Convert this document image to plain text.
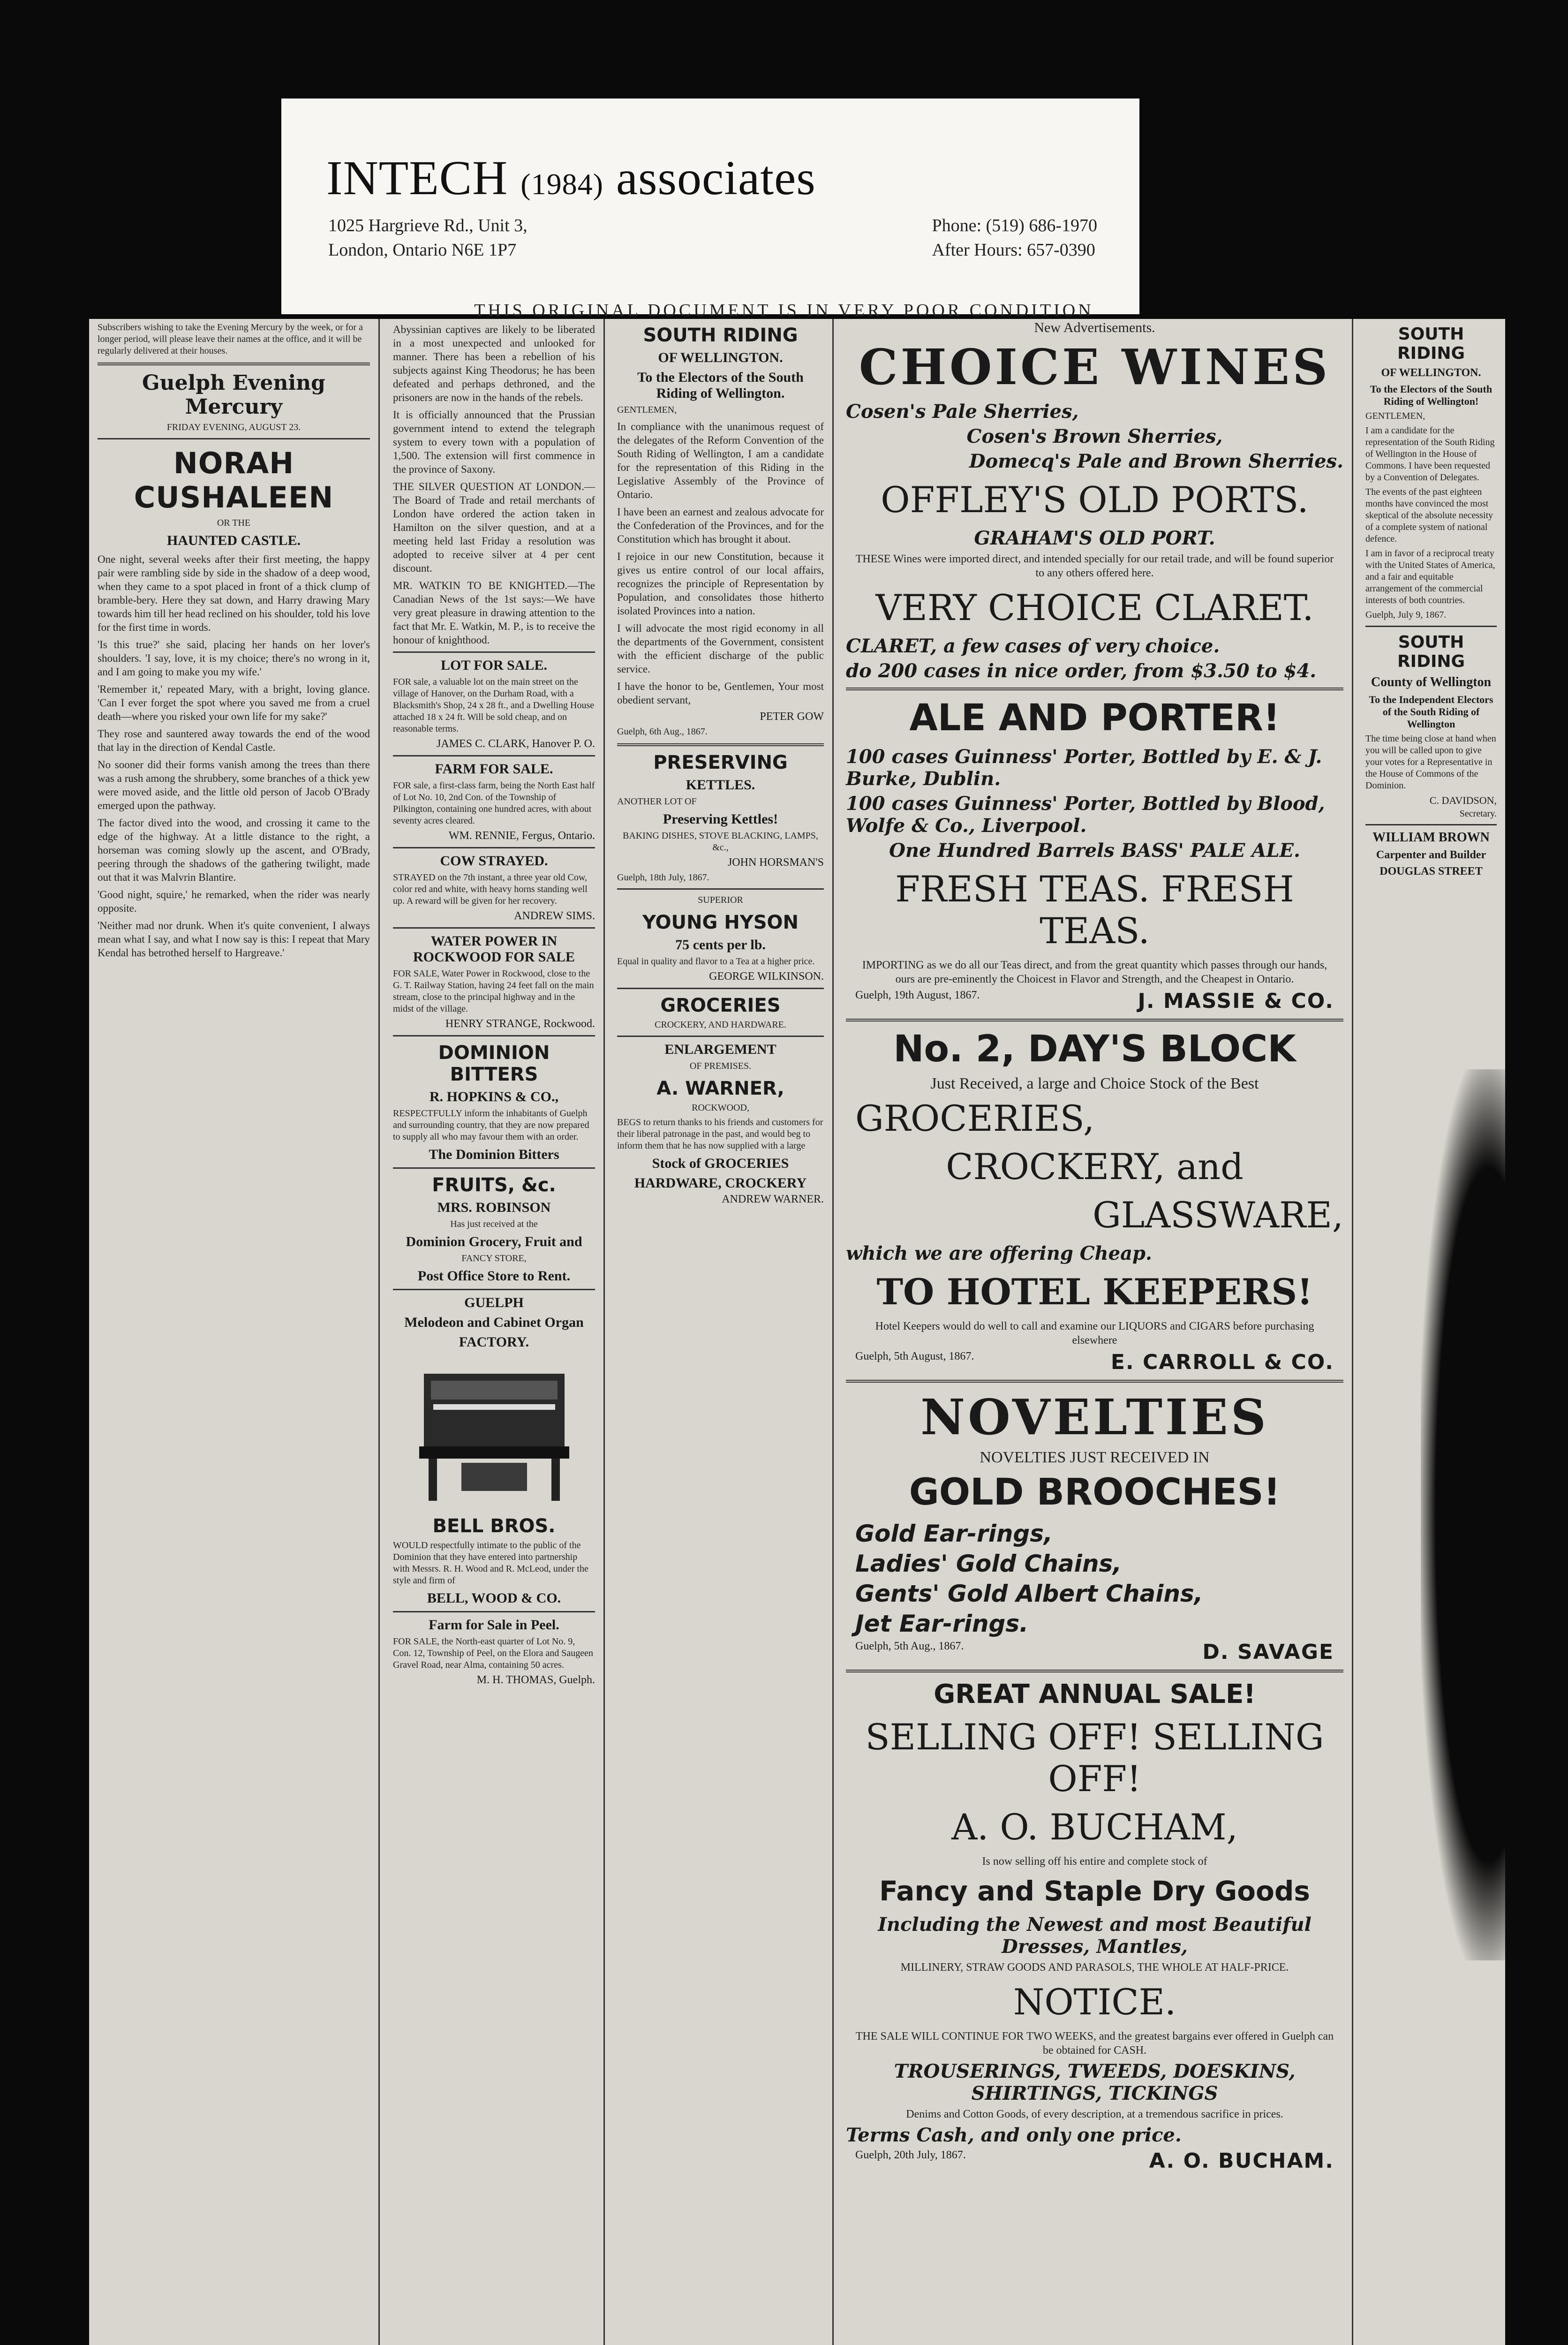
INTECH (1984) associates
1025 Hargrieve Rd., Unit 3,
London, Ontario N6E 1P7
Phone: (519) 686-1970
After Hours: 657-0390
THIS ORIGINAL DOCUMENT IS IN VERY POOR CONDITION

Subscribers wishing to take the Evening Mercury by the week, or for a longer period, will please leave their names at the office, and it will be regularly delivered at their houses.

Guelph Evening Mercury
FRIDAY EVENING, AUGUST 23.
NORAH CUSHALEEN
OR THE
HAUNTED CASTLE.

One night, several weeks after their first meeting, the happy pair were rambling side by side in the shadow of a deep wood, when they came to a spot placed in front of a thick clump of bramble-bery. Here they sat down, and Harry drawing Mary towards him till her head reclined on his shoulder, told his love for the first time in words.

'Is this true?' she said, placing her hands on her lover's shoulders. 'I say, love, it is my choice; there's no wrong in it, and I am going to make you my wife.'

'Remember it,' repeated Mary, with a bright, loving glance. 'Can I ever forget the spot where you saved me from a cruel death—where you risked your own life for my sake?'

They rose and sauntered away towards the end of the wood that lay in the direction of Kendal Castle.

No sooner did their forms vanish among the trees than there was a rush among the shrubbery, some branches of a thick yew were moved aside, and the little old person of Jacob O'Brady emerged upon the pathway.

The factor dived into the wood, and crossing it came to the edge of the highway. At a little distance to the right, a horseman was coming slowly up the ascent, and O'Brady, peering through the shadows of the gathering twilight, made out that it was Malvrin Blantire.

'Good night, squire,' he remarked, when the rider was nearly opposite.

'Neither mad nor drunk. When it's quite convenient, I always mean what I say, and what I now say is this: I repeat that Mary Kendal has betrothed herself to Hargreave.'

Abyssinian captives are likely to be liberated in a most unexpected and unlooked for manner. There has been a rebellion of his subjects against King Theodorus; he has been defeated and perhaps dethroned, and the prisoners are now in the hands of the rebels.

It is officially announced that the Prussian government intend to extend the telegraph system to every town with a population of 1,500. The extension will first commence in the province of Saxony.

THE SILVER QUESTION AT LONDON.—The Board of Trade and retail merchants of London have ordered the action taken in Hamilton on the silver question, and at a meeting held last Friday a resolution was adopted to receive silver at 4 per cent discount.

MR. WATKIN TO BE KNIGHTED.—The Canadian News of the 1st says:—We have very great pleasure in drawing attention to the fact that Mr. E. Watkin, M. P., is to receive the honour of knighthood.

LOT FOR SALE.

FOR sale, a valuable lot on the main street on the village of Hanover, on the Durham Road, with a Blacksmith's Shop, 24 x 28 ft., and a Dwelling House attached 18 x 24 ft. Will be sold cheap, and on reasonable terms.

JAMES C. CLARK, Hanover P. O.
FARM FOR SALE.

FOR sale, a first-class farm, being the North East half of Lot No. 10, 2nd Con. of the Township of Pilkington, containing one hundred acres, with about seventy acres cleared.

WM. RENNIE, Fergus, Ontario.
COW STRAYED.

STRAYED on the 7th instant, a three year old Cow, color red and white, with heavy horns standing well up. A reward will be given for her recovery.

ANDREW SIMS.
WATER POWER IN ROCKWOOD FOR SALE

FOR SALE, Water Power in Rockwood, close to the G. T. Railway Station, having 24 feet fall on the main stream, close to the principal highway and in the midst of the village.

HENRY STRANGE, Rockwood.
DOMINION BITTERS
R. HOPKINS & CO.,

RESPECTFULLY inform the inhabitants of Guelph and surrounding country, that they are now prepared to supply all who may favour them with an order.

The Dominion Bitters
FRUITS, &c.
MRS. ROBINSON
Has just received at the
Dominion Grocery, Fruit and
FANCY STORE,
Post Office Store to Rent.
GUELPH
Melodeon and Cabinet Organ
FACTORY.
BELL BROS.

WOULD respectfully intimate to the public of the Dominion that they have entered into partnership with Messrs. R. H. Wood and R. McLeod, under the style and firm of

BELL, WOOD & CO.
Farm for Sale in Peel.

FOR SALE, the North-east quarter of Lot No. 9, Con. 12, Township of Peel, on the Elora and Saugeen Gravel Road, near Alma, containing 50 acres.

M. H. THOMAS, Guelph.
SOUTH RIDING
OF WELLINGTON.
To the Electors of the South Riding of Wellington.
GENTLEMEN,

In compliance with the unanimous request of the delegates of the Reform Convention of the South Riding of Wellington, I am a candidate for the representation of this Riding in the Legislative Assembly of the Province of Ontario.

I have been an earnest and zealous advocate for the Confederation of the Provinces, and for the Constitution which has brought it about.

I rejoice in our new Constitution, because it gives us entire control of our local affairs, recognizes the principle of Representation by Population, and consolidates those hitherto isolated Provinces into a nation.

I will advocate the most rigid economy in all the departments of the Government, consistent with the efficient discharge of the public service.

I have the honor to be, Gentlemen, Your most obedient servant,

PETER GOW
Guelph, 6th Aug., 1867.
PRESERVING
KETTLES.
ANOTHER LOT OF
Preserving Kettles!
BAKING DISHES, STOVE BLACKING, LAMPS, &c.,
JOHN HORSMAN'S
Guelph, 18th July, 1867.
SUPERIOR
YOUNG HYSON
75 cents per lb.

Equal in quality and flavor to a Tea at a higher price.

GEORGE WILKINSON.
GROCERIES
CROCKERY, AND HARDWARE.
ENLARGEMENT
OF PREMISES.
A. WARNER,
ROCKWOOD,

BEGS to return thanks to his friends and customers for their liberal patronage in the past, and would beg to inform them that he has now supplied with a large

Stock of GROCERIES
HARDWARE, CROCKERY
ANDREW WARNER.
New Advertisements.
CHOICE WINES
Cosen's Pale Sherries,
Cosen's Brown Sherries,
Domecq's Pale and Brown Sherries.
OFFLEY'S OLD PORTS.
GRAHAM'S OLD PORT.

THESE Wines were imported direct, and intended specially for our retail trade, and will be found superior to any others offered here.

VERY CHOICE CLARET.
CLARET, a few cases of very choice.
do 200 cases in nice order, from $3.50 to $4.
ALE AND PORTER!
100 cases Guinness' Porter, Bottled by E. & J. Burke, Dublin.
100 cases Guinness' Porter, Bottled by Blood, Wolfe & Co., Liverpool.
One Hundred Barrels BASS' PALE ALE.
FRESH TEAS. FRESH TEAS.

IMPORTING as we do all our Teas direct, and from the great quantity which passes through our hands, ours are pre-eminently the Choicest in Flavor and Strength, and the Cheapest in Ontario.

Guelph, 19th August, 1867.	J. MASSIE & CO.
No. 2, DAY'S BLOCK
Just Received, a large and Choice Stock of the Best
GROCERIES,
CROCKERY, and
GLASSWARE,
which we are offering Cheap.
TO HOTEL KEEPERS!

Hotel Keepers would do well to call and examine our LIQUORS and CIGARS before purchasing elsewhere

Guelph, 5th August, 1867.	E. CARROLL & CO.
NOVELTIES
NOVELTIES JUST RECEIVED IN
GOLD BROOCHES!
Gold Ear-rings,
Ladies' Gold Chains,
Gents' Gold Albert Chains,
Jet Ear-rings.
Guelph, 5th Aug., 1867.	D. SAVAGE
GREAT ANNUAL SALE!
SELLING OFF! SELLING OFF!
A. O. BUCHAM,
Is now selling off his entire and complete stock of
Fancy and Staple Dry Goods
Including the Newest and most Beautiful Dresses, Mantles,
MILLINERY, STRAW GOODS AND PARASOLS, THE WHOLE AT HALF-PRICE.
NOTICE.

THE SALE WILL CONTINUE FOR TWO WEEKS, and the greatest bargains ever offered in Guelph can be obtained for CASH.

TROUSERINGS, TWEEDS, DOESKINS, SHIRTINGS, TICKINGS
Denims and Cotton Goods, of every description, at a tremendous sacrifice in prices.
Terms Cash, and only one price.
Guelph, 20th July, 1867.	A. O. BUCHAM.
SOUTH RIDING
OF WELLINGTON.
To the Electors of the South Riding of Wellington!
GENTLEMEN,

I am a candidate for the representation of the South Riding of Wellington in the House of Commons. I have been requested by a Convention of Delegates.

The events of the past eighteen months have convinced the most skeptical of the absolute necessity of a complete system of national defence.

I am in favor of a reciprocal treaty with the United States of America, and a fair and equitable arrangement of the commercial interests of both countries.

Guelph, July 9, 1867.
SOUTH RIDING
County of Wellington
To the Independent Electors of the South Riding of Wellington

The time being close at hand when you will be called upon to give your votes for a Representative in the House of Commons of the Dominion.

C. DAVIDSON,
Secretary.
WILLIAM BROWN
Carpenter and Builder
DOUGLAS STREET
